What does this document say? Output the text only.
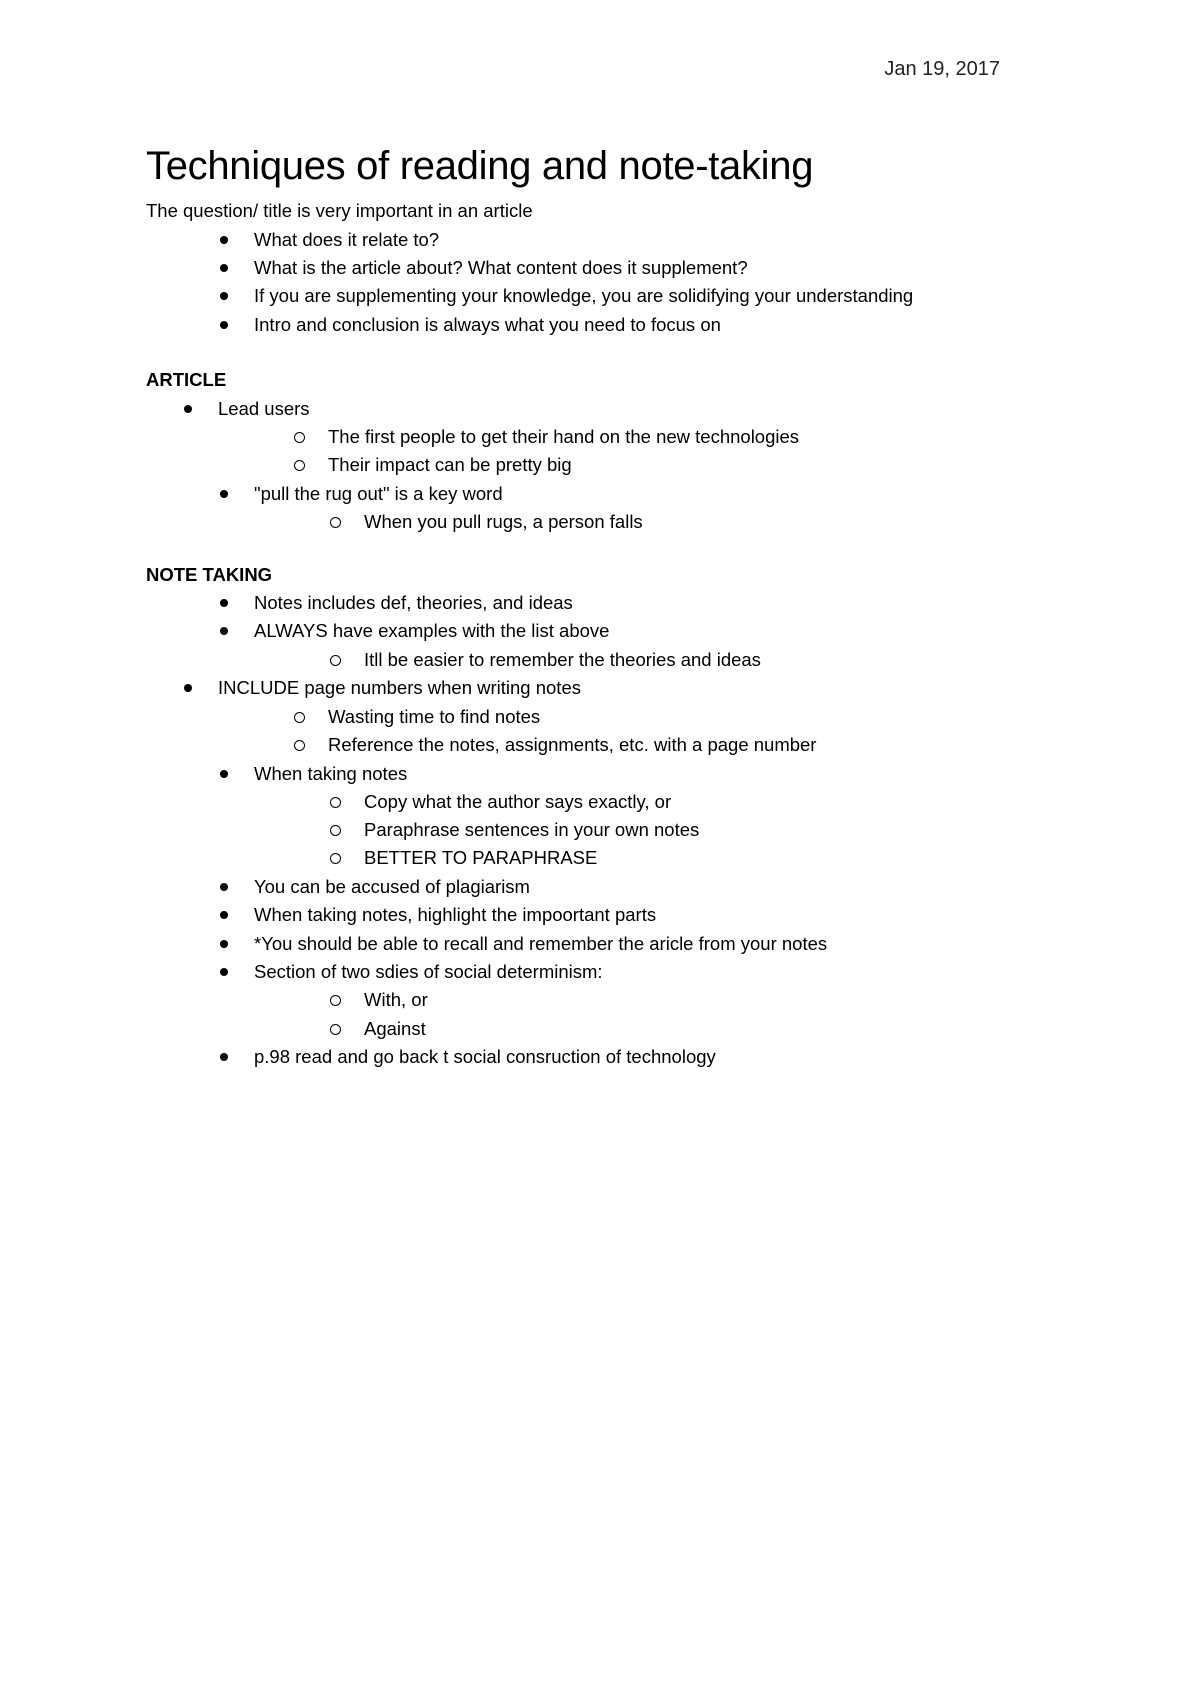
Jan 19, 2017
Techniques of reading and note-taking
The question/ title is very important in an article
What does it relate to?
What is the article about? What content does it supplement?
If you are supplementing your knowledge, you are solidifying your understanding
Intro and conclusion is always what you need to focus on
ARTICLE
Lead users
The first people to get their hand on the new technologies
Their impact can be pretty big
"pull the rug out" is a key word
When you pull rugs, a person falls
NOTE TAKING
Notes includes def, theories, and ideas
ALWAYS have examples with the list above
Itll be easier to remember the theories and ideas
INCLUDE page numbers when writing notes
Wasting time to find notes
Reference the notes, assignments, etc. with a page number
When taking notes
Copy what the author says exactly, or
Paraphrase sentences in your own notes
BETTER TO PARAPHRASE
You can be accused of plagiarism
When taking notes, highlight the impoortant parts
*You should be able to recall and remember the aricle from your notes
Section of two sdies of social determinism:
With, or
Against
p.98 read and go back t social consruction of technology
